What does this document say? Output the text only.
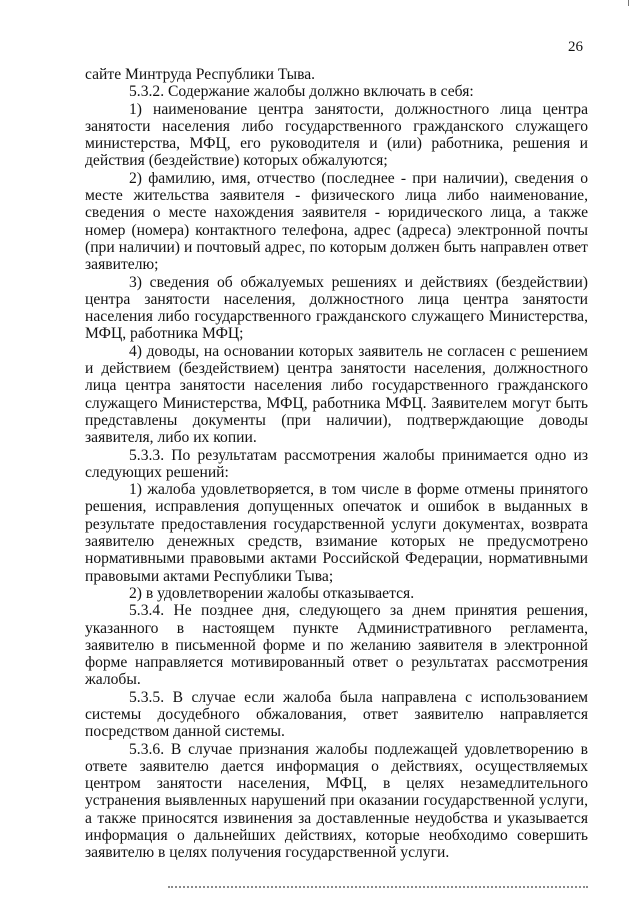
26

сайте Минтруда Республики Тыва.

5.3.2. Содержание жалобы должно включать в себя:

1) наименование центра занятости, должностного лица центра занятости населения либо государственного гражданского служащего министерства, МФЦ, его руководителя и (или) работника, решения и действия (бездействие) которых обжалуются;

2) фамилию, имя, отчество (последнее - при наличии), сведения о месте жительства заявителя - физического лица либо наименование, сведения о месте нахождения заявителя - юридического лица, а также номер (номера) контактного телефона, адрес (адреса) электронной почты (при наличии) и почтовый адрес, по которым должен быть направлен ответ заявителю;

3) сведения об обжалуемых решениях и действиях (бездействии) центра занятости населения, должностного лица центра занятости населения либо государственного гражданского служащего Министерства, МФЦ, работника МФЦ;

4) доводы, на основании которых заявитель не согласен с решением и действием (бездействием) центра занятости населения, должностного лица центра занятости населения либо государственного гражданского служащего Министерства, МФЦ, работника МФЦ. Заявителем могут быть представлены документы (при наличии), подтверждающие доводы заявителя, либо их копии.

5.3.3. По результатам рассмотрения жалобы принимается одно из следующих решений:

1) жалоба удовлетворяется, в том числе в форме отмены принятого решения, исправления допущенных опечаток и ошибок в выданных в результате предоставления государственной услуги документах, возврата заявителю денежных средств, взимание которых не предусмотрено нормативными правовыми актами Российской Федерации, нормативными правовыми актами Республики Тыва;

2) в удовлетворении жалобы отказывается.

5.3.4. Не позднее дня, следующего за днем принятия решения, указанного в настоящем пункте Административного регламента, заявителю в письменной форме и по желанию заявителя в электронной форме направляется мотивированный ответ о результатах рассмотрения жалобы.

5.3.5. В случае если жалоба была направлена с использованием системы досудебного обжалования, ответ заявителю направляется посредством данной системы.

5.3.6. В случае признания жалобы подлежащей удовлетворению в ответе заявителю дается информация о действиях, осуществляемых центром занятости населения, МФЦ, в целях незамедлительного устранения выявленных нарушений при оказании государственной услуги, а также приносятся извинения за доставленные неудобства и указывается информация о дальнейших действиях, которые необходимо совершить заявителю в целях получения государственной услуги.
